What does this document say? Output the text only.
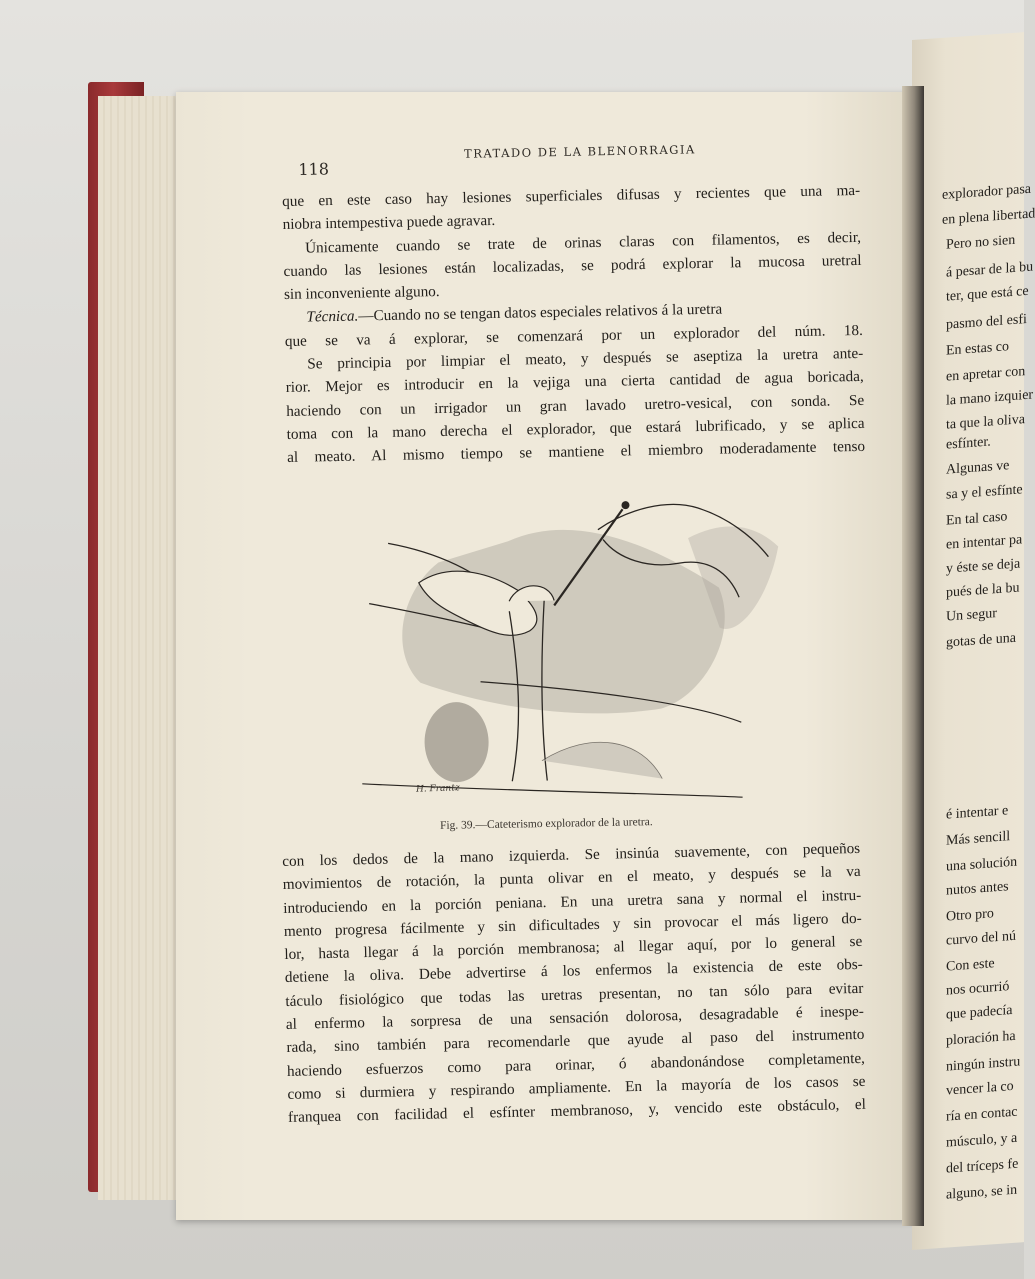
explorador pasa
en plena libertad
Pero no sien
á pesar de la bu
ter, que está ce
pasmo del esfi
En estas co
en apretar con
la mano izquier
ta que la oliva
esfínter.
Algunas ve
sa y el esfínte
En tal caso
en intentar pa
y éste se deja
pués de la bu
Un segur
gotas de una
é intentar e
Más sencill
una solución
nutos antes
Otro pro
curvo del nú
Con este
nos ocurrió
que padecía
ploración ha
ningún instru
vencer la co
ría en contac
músculo, y a
del tríceps fe
alguno, se in
118
TRATADO DE LA BLENORRAGIA
que en este caso hay lesiones superficiales difusas y recientes que una ma-
niobra intempestiva puede agravar.
Únicamente cuando se trate de orinas claras con filamentos, es decir,
cuando las lesiones están localizadas, se podrá explorar la mucosa uretral
sin inconveniente alguno.
Técnica.—Cuando no se tengan datos especiales relativos á la uretra
que se va á explorar, se comenzará por un explorador del núm. 18.
Se principia por limpiar el meato, y después se aseptiza la uretra ante-
rior. Mejor es introducir en la vejiga una cierta cantidad de agua boricada,
haciendo con un irrigador un gran lavado uretro-vesical, con sonda. Se
toma con la mano derecha el explorador, que estará lubrificado, y se aplica
al meato. Al mismo tiempo se mantiene el miembro moderadamente tenso
H. Frantz
Fig. 39.—Cateterismo explorador de la uretra.
con los dedos de la mano izquierda. Se insinúa suavemente, con pequeños
movimientos de rotación, la punta olivar en el meato, y después se la va
introduciendo en la porción peniana. En una uretra sana y normal el instru-
mento progresa fácilmente y sin dificultades y sin provocar el más ligero do-
lor, hasta llegar á la porción membranosa; al llegar aquí, por lo general se
detiene la oliva. Debe advertirse á los enfermos la existencia de este obs-
táculo fisiológico que todas las uretras presentan, no tan sólo para evitar
al enfermo la sorpresa de una sensación dolorosa, desagradable é inespe-
rada, sino también para recomendarle que ayude al paso del instrumento
haciendo esfuerzos como para orinar, ó abandonándose completamente,
como si durmiera y respirando ampliamente. En la mayoría de los casos se
franquea con facilidad el esfínter membranoso, y, vencido este obstáculo, el
